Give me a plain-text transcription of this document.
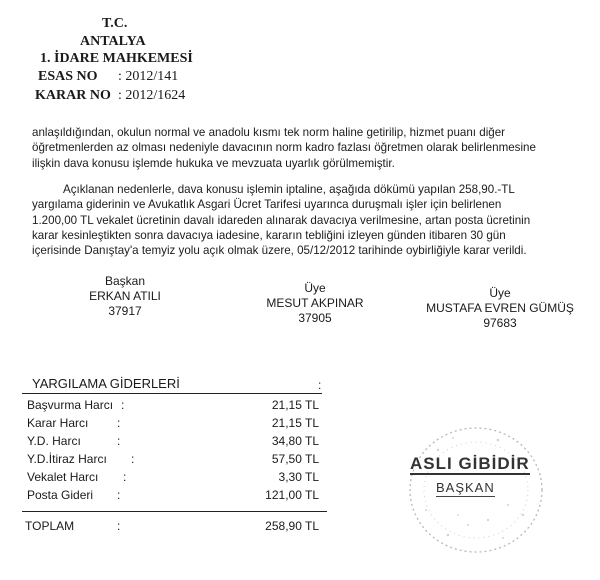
T.C.
ANTALYA
1. İDARE MAHKEMESİ
ESAS NO : 2012/141
KARAR NO : 2012/1624
anlaşıldığından, okulun normal ve anadolu kısmı tek norm haline getirilip, hizmet puanı diğer
öğretmenlerden az olması nedeniyle davacının norm kadro fazlası öğretmen olarak belirlenmesine
ilişkin dava konusu işlemde hukuka ve mevzuata uyarlık görülmemiştir.
Açıklanan nedenlerle, dava konusu işlemin iptaline, aşağıda dökümü yapılan 258,90.-TL
yargılama giderinin ve Avukatlık Asgari Ücret Tarifesi uyarınca duruşmalı işler için belirlenen
1.200,00 TL vekalet ücretinin davalı idareden alınarak davacıya verilmesine, artan posta ücretinin
karar kesinleştikten sonra davacıya iadesine, kararın tebliğini izleyen günden itibaren 30 gün
içerisinde Danıştay'a temyiz yolu açık olmak üzere, 05/12/2012 tarihinde oybirliğiyle karar verildi.
Başkan
ERKAN ATILI
37917
Üye
MESUT AKPINAR
37905
Üye
MUSTAFA EVREN GÜMÜŞ
97683
YARGILAMA GİDERLERİ	:
Başvurma Harcı :	21,15 TL
Karar Harcı :	21,15 TL
Y.D. Harcı	:	34,80 TL
Y.D.İtiraz Harcı :	57,50 TL
Vekalet Harcı :	3,30 TL
Posta Gideri :	121,00 TL
TOPLAM	:	258,90 TL
ASLI GİBİDİR
BAŞKAN
